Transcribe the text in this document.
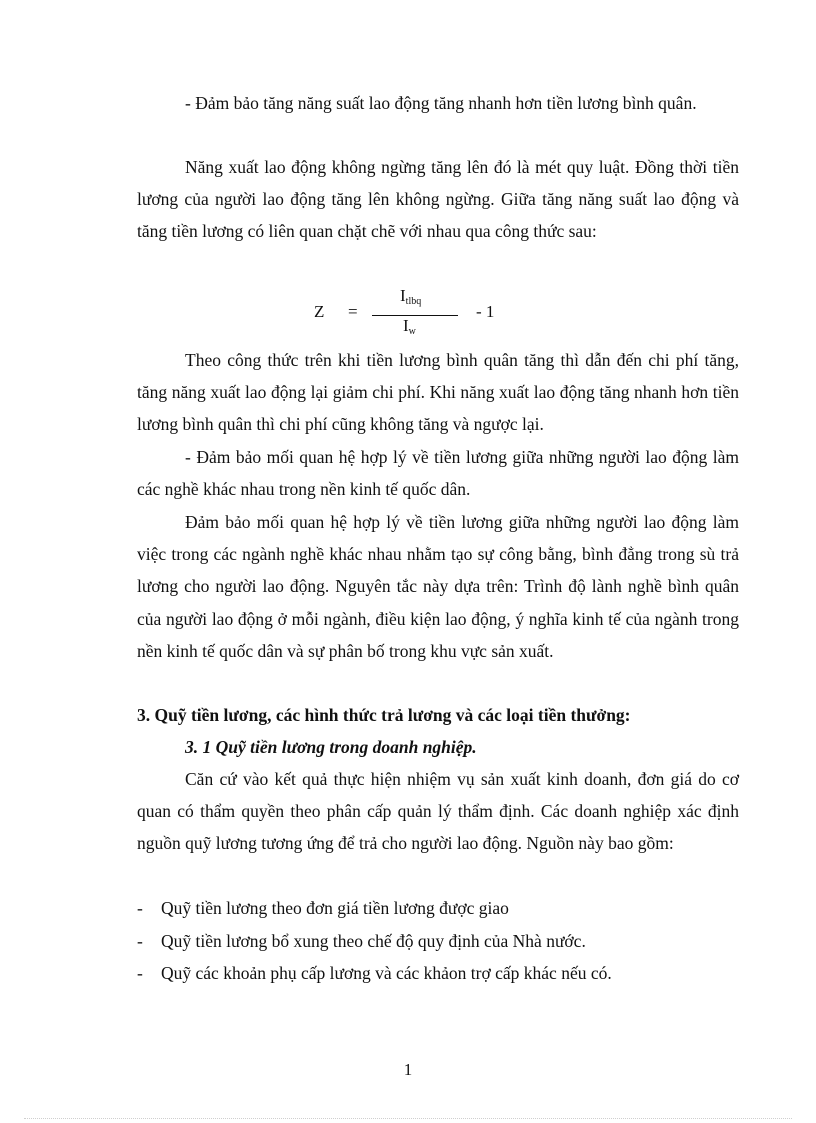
- Đảm bảo tăng năng suất lao động tăng nhanh hơn tiền lương bình quân.

Năng xuất lao động không ngừng tăng lên đó là mét quy luật. Đồng thời tiền lương của người lao động tăng lên không ngừng. Giữa tăng năng suất lao động và tăng tiền lương có liên quan chặt chẽ với nhau qua công thức sau:

Z =
$I_{tlbq}$
$I_w$
- 1

Theo công thức trên khi tiền lương bình quân tăng thì dẫn đến chi phí tăng, tăng năng xuất lao động lại giảm chi phí. Khi năng xuất lao động tăng nhanh hơn tiền lương bình quân thì chi phí cũng không tăng và ngược lại.

- Đảm bảo mối quan hệ hợp lý về tiền lương giữa những người lao động làm các nghề khác nhau trong nền kinh tế quốc dân.

Đảm bảo mối quan hệ hợp lý về tiền lương giữa những người lao động làm việc trong các ngành nghề khác nhau nhằm tạo sự công bằng, bình đẳng trong sù trả lương cho người lao động. Nguyên tắc này dựa trên: Trình độ lành nghề bình quân của người lao động ở mỗi ngành, điều kiện lao động, ý nghĩa kinh tế của ngành trong nền kinh tế quốc dân và sự phân bố trong khu vực sản xuất.

3. Quỹ tiền lương, các hình thức trả lương và các loại tiền thưởng:
3. 1 Quỹ tiền lương trong doanh nghiệp.

Căn cứ vào kết quả thực hiện nhiệm vụ sản xuất kinh doanh, đơn giá do cơ quan có thẩm quyền theo phân cấp quản lý thẩm định. Các doanh nghiệp xác định nguồn quỹ lương tương ứng để trả cho người lao động. Nguồn này bao gồm:

- Quỹ tiền lương theo đơn giá tiền lương được giao
- Quỹ tiền lương bổ xung theo chế độ quy định của Nhà nước.
- Quỹ các khoản phụ cấp lương và các khảon trợ cấp khác nếu có.
1
